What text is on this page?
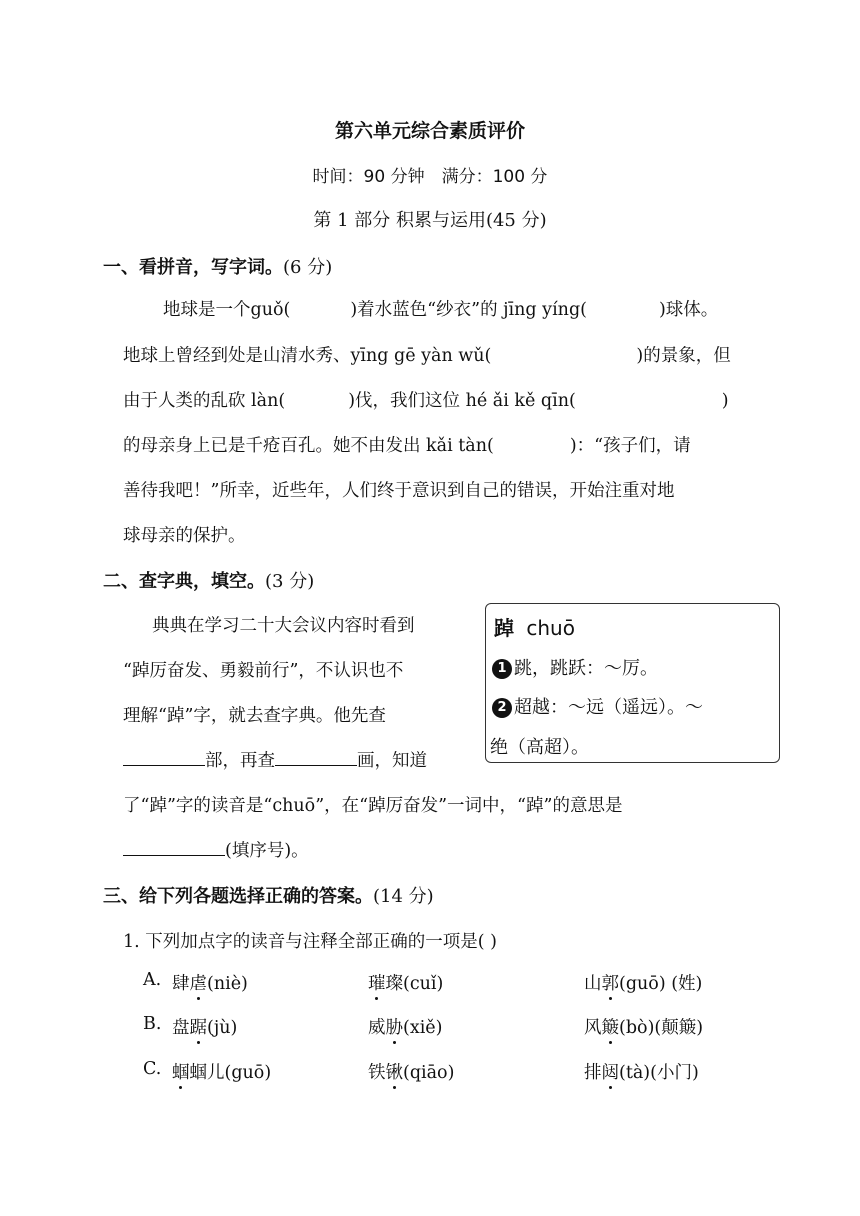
第六单元综合素质评价
时间：90 分钟　满分：100 分
第 1 部分 积累与运用(45 分)
一、看拼音，写字词。(6 分)
地球是一个guǒ(	)着水蓝色“纱衣”的 jīng yíng(	)球体。
地球上曾经到处是山清水秀、yīng gē yàn wǔ(	)的景象，但
由于人类的乱砍 làn(	)伐，我们这位 hé ǎi kě qīn(	)
的母亲身上已是千疮百孔。她不由发出 kǎi tàn(	)：“孩子们，请
善待我吧！”所幸，近些年，人们终于意识到自己的错误，开始注重对地
球母亲的保护。
二、查字典，填空。(3 分)
典典在学习二十大会议内容时看到
“踔厉奋发、勇毅前行”，不认识也不
理解“踔”字，就去查字典。他先查
部，再查	画，知道
了“踔”字的读音是“chuō”，在“踔厉奋发”一词中，“踔”的意思是
(填序号)。
踔 chuō
1 跳，跳跃：～厉。
2 超越：～远（遥远）。～
绝（高超）。
三、给下列各题选择正确的答案。(14 分)
1. 下列加点字的读音与注释全部正确的一项是( )
A. 肆虐(niè)	璀璨(cuǐ)	山郭(guō) (姓)
B. 盘踞(jù)	威胁(xiě)	风簸(bò)(颠簸)
C. 蝈蝈儿(guō)	铁锹(qiāo)	排闼(tà)(小门)
